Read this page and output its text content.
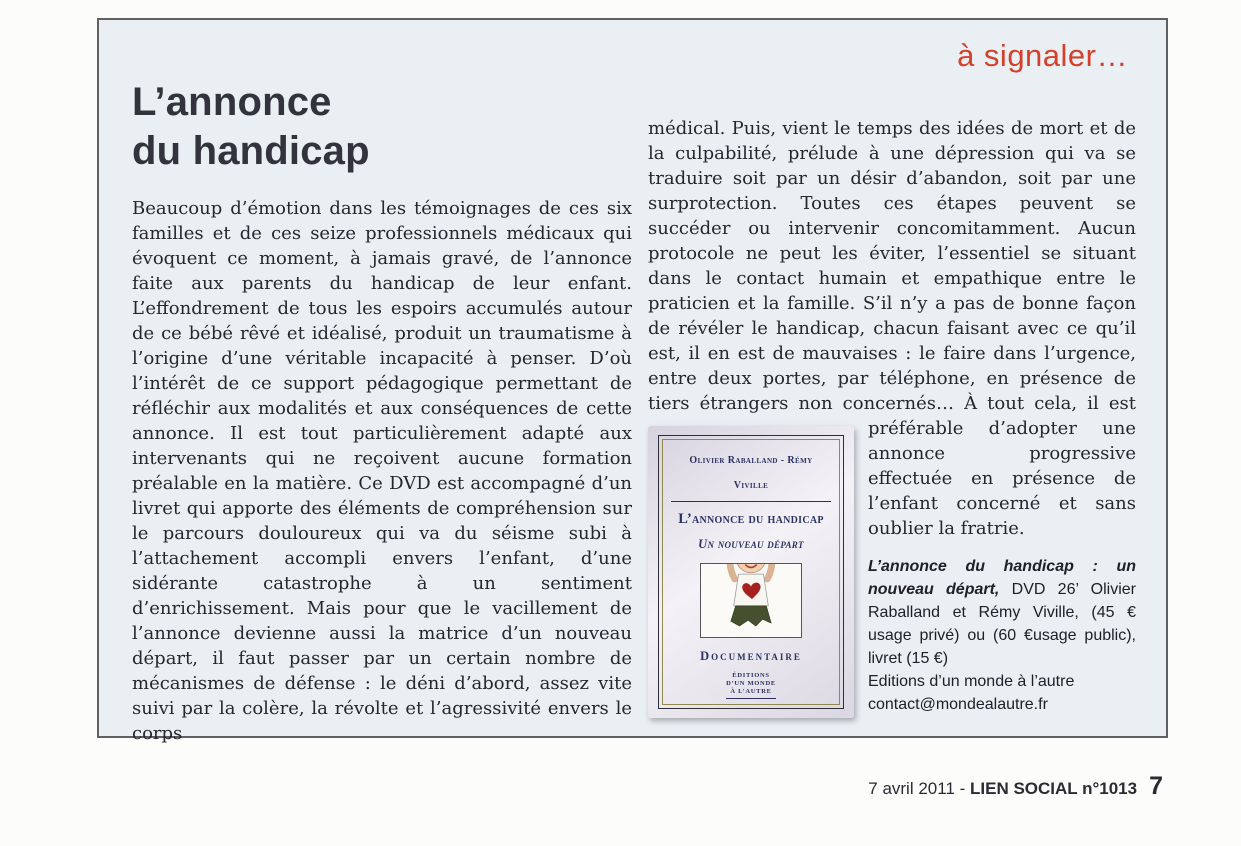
à signaler…
L’annonce
du handicap
Beaucoup d’émotion dans les témoignages de ces six familles et de ces seize professionnels médicaux qui évoquent ce moment, à jamais gravé, de l’annonce faite aux parents du handicap de leur enfant. L’effondrement de tous les espoirs accumulés autour de ce bébé rêvé et idéalisé, produit un traumatisme à l’origine d’une véritable incapacité à penser. D’où l’intérêt de ce support pédagogique permettant de réfléchir aux modalités et aux conséquences de cette annonce. Il est tout particulièrement adapté aux intervenants qui ne reçoivent aucune formation préalable en la matière. Ce DVD est accompagné d’un livret qui apporte des éléments de compréhension sur le parcours douloureux qui va du séisme subi à l’attachement accompli envers l’enfant, d’une sidérante catastrophe à un sentiment d’enrichissement. Mais pour que le vacillement de l’annonce devienne aussi la matrice d’un nouveau départ, il faut passer par un certain nombre de mécanismes de défense : le déni d’abord, assez vite suivi par la colère, la révolte et l’agressivité envers le corps
médical. Puis, vient le temps des idées de mort et de la culpabilité, prélude à une dépression qui va se traduire soit par un désir d’abandon, soit par une surprotection. Toutes ces étapes peuvent se succéder ou intervenir concomitamment. Aucun protocole ne peut les éviter, l’essentiel se situant dans le contact humain et empathique entre le praticien et la famille. S’il n’y a pas de bonne façon de révéler le handicap, chacun faisant avec ce qu’il est, il en est de mauvaises : le faire dans l’urgence, entre deux portes, par téléphone, en présence de tiers étrangers non concernés… À tout
Olivier Raballand - Rémy Viville
L’annonce du handicap
Un nouveau départ
Documentaire
ÉDITIONS
D’UN MONDE
À L’AUTRE
cela, il est préférable d’adopter une annonce progressive effectuée en présence de l’enfant concerné et sans oublier la fratrie.
L’annonce du handicap : un nouveau départ, DVD 26’ Olivier Raballand et Rémy Viville, (45 € usage privé) ou (60 €usage public), livret (15 €)
Editions d’un monde à l’autre
contact@mondealautre.fr
7 avril 2011 - LIEN SOCIAL n°1013 7
